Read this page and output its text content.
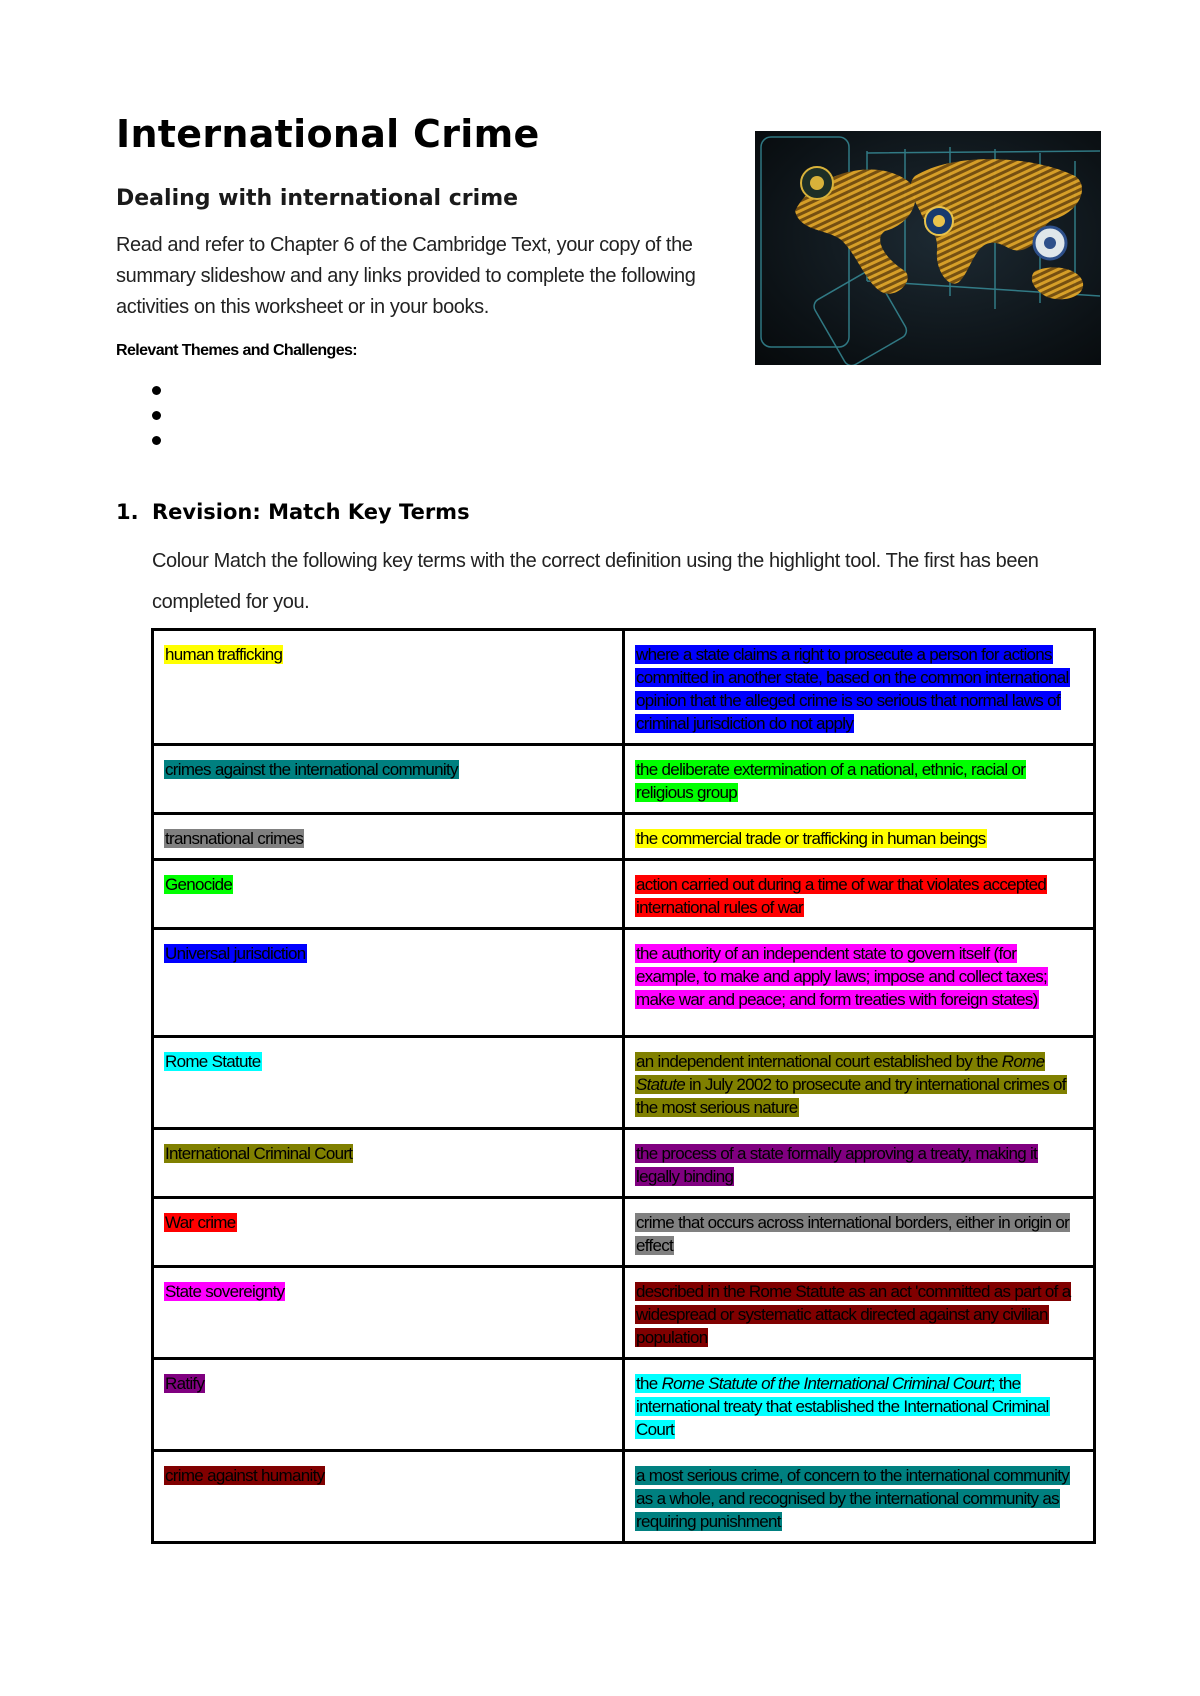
International Crime
Dealing with international crime

Read and refer to Chapter 6 of the Cambridge Text, your copy of the summary slideshow and any links provided to complete the following activities on this worksheet or in your books.

Relevant Themes and Challenges:

1. Revision: Match Key Terms

Colour Match the following key terms with the correct definition using the highlight tool. The first has been completed for you.

human trafficking	where a state claims a right to prosecute a person for actions committed in another state, based on the common international opinion that the alleged crime is so serious that normal laws of criminal jurisdiction do not apply
crimes against the international community	the deliberate extermination of a national, ethnic, racial or religious group
transnational crimes	the commercial trade or trafficking in human beings
Genocide	action carried out during a time of war that violates accepted international rules of war
Universal jurisdiction	the authority of an independent state to govern itself (for example, to make and apply laws; impose and collect taxes; make war and peace; and form treaties with foreign states)
Rome Statute	an independent international court established by the Rome Statute in July 2002 to prosecute and try international crimes of the most serious nature
International Criminal Court	the process of a state formally approving a treaty, making it legally binding
War crime	crime that occurs across international borders, either in origin or effect
State sovereignty	described in the Rome Statute as an act 'committed as part of a widespread or systematic attack directed against any civilian population
Ratify	the Rome Statute of the International Criminal Court; the international treaty that established the International Criminal Court
crime against humanity	a most serious crime, of concern to the international community as a whole, and recognised by the international community as requiring punishment
